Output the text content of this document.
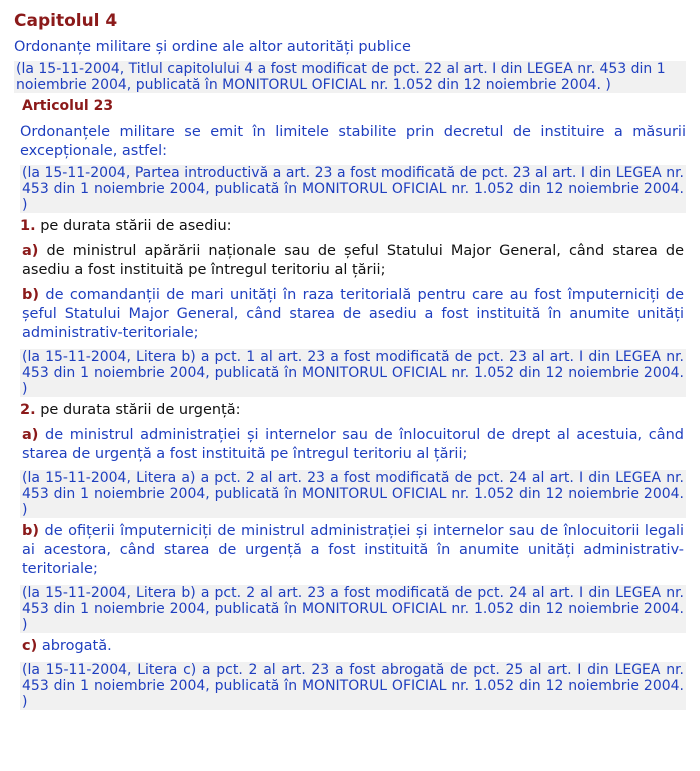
Capitolul 4
Ordonanțe militare și ordine ale altor autorități publice
(la 15-11-2004, Titlul capitolului 4 a fost modificat de pct. 22 al art. I din LEGEA nr. 453 din 1 noiembrie 2004, publicată în MONITORUL OFICIAL nr. 1.052 din 12 noiembrie 2004. )
Articolul 23
Ordonanțele militare se emit în limitele stabilite prin decretul de instituire a măsurii excepționale, astfel:
(la 15-11-2004, Partea introductivă a art. 23 a fost modificată de pct. 23 al art. I din LEGEA nr. 453 din 1 noiembrie 2004, publicată în MONITORUL OFICIAL nr. 1.052 din 12 noiembrie 2004. )
1. pe durata stării de asediu:
a) de ministrul apărării naționale sau de șeful Statului Major General, când starea de asediu a fost instituită pe întregul teritoriu al țării;
b) de comandanții de mari unități în raza teritorială pentru care au fost împuterniciți de șeful Statului Major General, când starea de asediu a fost instituită în anumite unități administrativ-teritoriale;
(la 15-11-2004, Litera b) a pct. 1 al art. 23 a fost modificată de pct. 23 al art. I din LEGEA nr. 453 din 1 noiembrie 2004, publicată în MONITORUL OFICIAL nr. 1.052 din 12 noiembrie 2004. )
2. pe durata stării de urgență:
a) de ministrul administrației și internelor sau de înlocuitorul de drept al acestuia, când starea de urgență a fost instituită pe întregul teritoriu al țării;
(la 15-11-2004, Litera a) a pct. 2 al art. 23 a fost modificată de pct. 24 al art. I din LEGEA nr. 453 din 1 noiembrie 2004, publicată în MONITORUL OFICIAL nr. 1.052 din 12 noiembrie 2004. )
b) de ofițerii împuterniciți de ministrul administrației și internelor sau de înlocuitorii legali ai acestora, când starea de urgență a fost instituită în anumite unități administrativ-teritoriale;
(la 15-11-2004, Litera b) a pct. 2 al art. 23 a fost modificată de pct. 24 al art. I din LEGEA nr. 453 din 1 noiembrie 2004, publicată în MONITORUL OFICIAL nr. 1.052 din 12 noiembrie 2004. )
c) abrogată.
(la 15-11-2004, Litera c) a pct. 2 al art. 23 a fost abrogată de pct. 25 al art. I din LEGEA nr. 453 din 1 noiembrie 2004, publicată în MONITORUL OFICIAL nr. 1.052 din 12 noiembrie 2004. )
